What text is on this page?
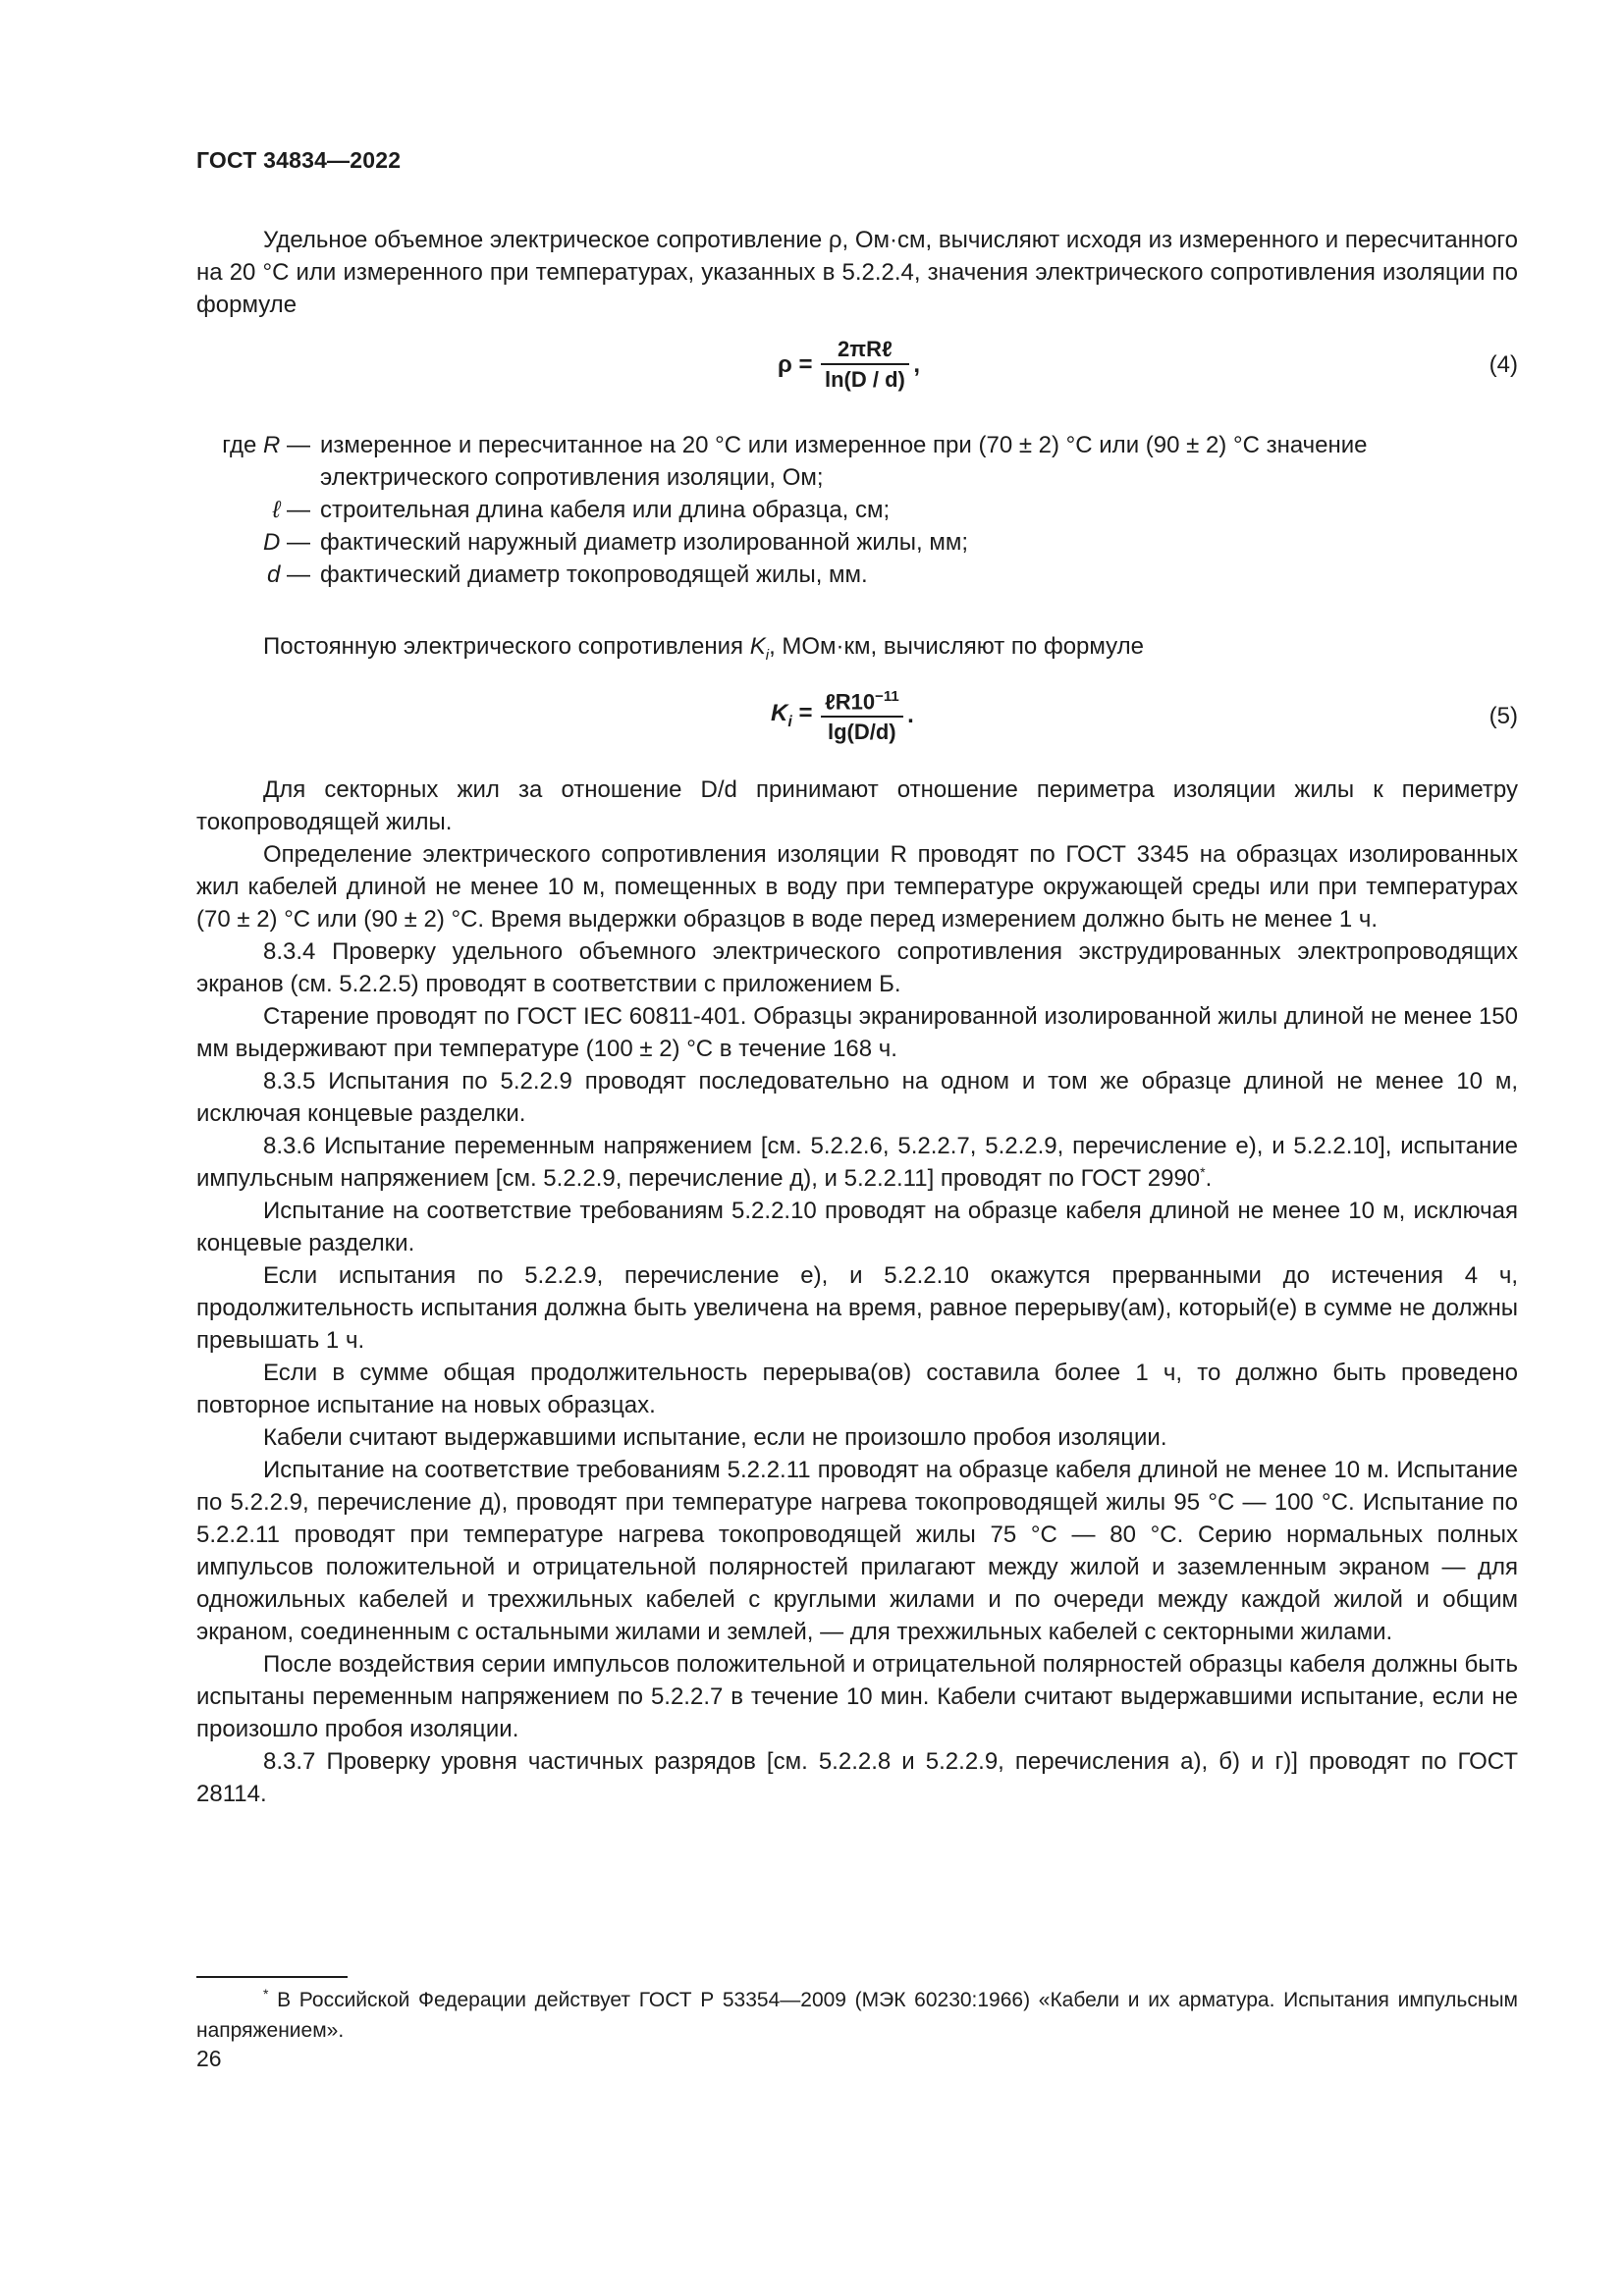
ГОСТ 34834—2022

Удельное объемное электрическое сопротивление ρ, Ом·см, вычисляют исходя из измеренного и пересчитанного на 20 °С или измеренного при температурах, указанных в 5.2.2.4, значения электрического сопротивления изоляции по формуле

$\rho = \frac{\text{2πRℓ}}{\ln(D / d)}$ ,	(4)
где R — измеренное и пересчитанное на 20 °С или измеренное при (70 ± 2) °С или (90 ± 2) °С значение электрического сопротивления изоляции, Ом;
ℓ — строительная длина кабеля или длина образца, см;
D — фактический наружный диаметр изолированной жилы, мм;
d — фактический диаметр токопроводящей жилы, мм.

Постоянную электрического сопротивления $K_i$, МОм·км, вычисляют по формуле

$K_i = \frac{\ell R10^{-11}}{\lg(D/d)}$ .	(5)

Для секторных жил за отношение D/d принимают отношение периметра изоляции жилы к периметру токопроводящей жилы.

Определение электрического сопротивления изоляции R проводят по ГОСТ 3345 на образцах изолированных жил кабелей длиной не менее 10 м, помещенных в воду при температуре окружающей среды или при температурах (70 ± 2) °С или (90 ± 2) °С. Время выдержки образцов в воде перед измерением должно быть не менее 1 ч.

8.3.4 Проверку удельного объемного электрического сопротивления экструдированных электропроводящих экранов (см. 5.2.2.5) проводят в соответствии с приложением Б.

Старение проводят по ГОСТ IEC 60811-401. Образцы экранированной изолированной жилы длиной не менее 150 мм выдерживают при температуре (100 ± 2) °С в течение 168 ч.

8.3.5 Испытания по 5.2.2.9 проводят последовательно на одном и том же образце длиной не менее 10 м, исключая концевые разделки.

8.3.6 Испытание переменным напряжением [см. 5.2.2.6, 5.2.2.7, 5.2.2.9, перечисление е), и 5.2.2.10], испытание импульсным напряжением [см. 5.2.2.9, перечисление д), и 5.2.2.11] проводят по ГОСТ 2990*.

Испытание на соответствие требованиям 5.2.2.10 проводят на образце кабеля длиной не менее 10 м, исключая концевые разделки.

Если испытания по 5.2.2.9, перечисление е), и 5.2.2.10 окажутся прерванными до истечения 4 ч, продолжительность испытания должна быть увеличена на время, равное перерыву(ам), который(е) в сумме не должны превышать 1 ч.

Если в сумме общая продолжительность перерыва(ов) составила более 1 ч, то должно быть проведено повторное испытание на новых образцах.

Кабели считают выдержавшими испытание, если не произошло пробоя изоляции.

Испытание на соответствие требованиям 5.2.2.11 проводят на образце кабеля длиной не менее 10 м. Испытание по 5.2.2.9, перечисление д), проводят при температуре нагрева токопроводящей жилы 95 °С — 100 °С. Испытание по 5.2.2.11 проводят при температуре нагрева токопроводящей жилы 75 °С — 80 °С. Серию нормальных полных импульсов положительной и отрицательной полярностей прилагают между жилой и заземленным экраном — для одножильных кабелей и трехжильных кабелей с круглыми жилами и по очереди между каждой жилой и общим экраном, соединенным с остальными жилами и землей, — для трехжильных кабелей с секторными жилами.

После воздействия серии импульсов положительной и отрицательной полярностей образцы кабеля должны быть испытаны переменным напряжением по 5.2.2.7 в течение 10 мин. Кабели считают выдержавшими испытание, если не произошло пробоя изоляции.

8.3.7 Проверку уровня частичных разрядов [см. 5.2.2.8 и 5.2.2.9, перечисления а), б) и г)] проводят по ГОСТ 28114.

* В Российской Федерации действует ГОСТ Р 53354—2009 (МЭК 60230:1966) «Кабели и их арматура. Испытания импульсным напряжением».
26
